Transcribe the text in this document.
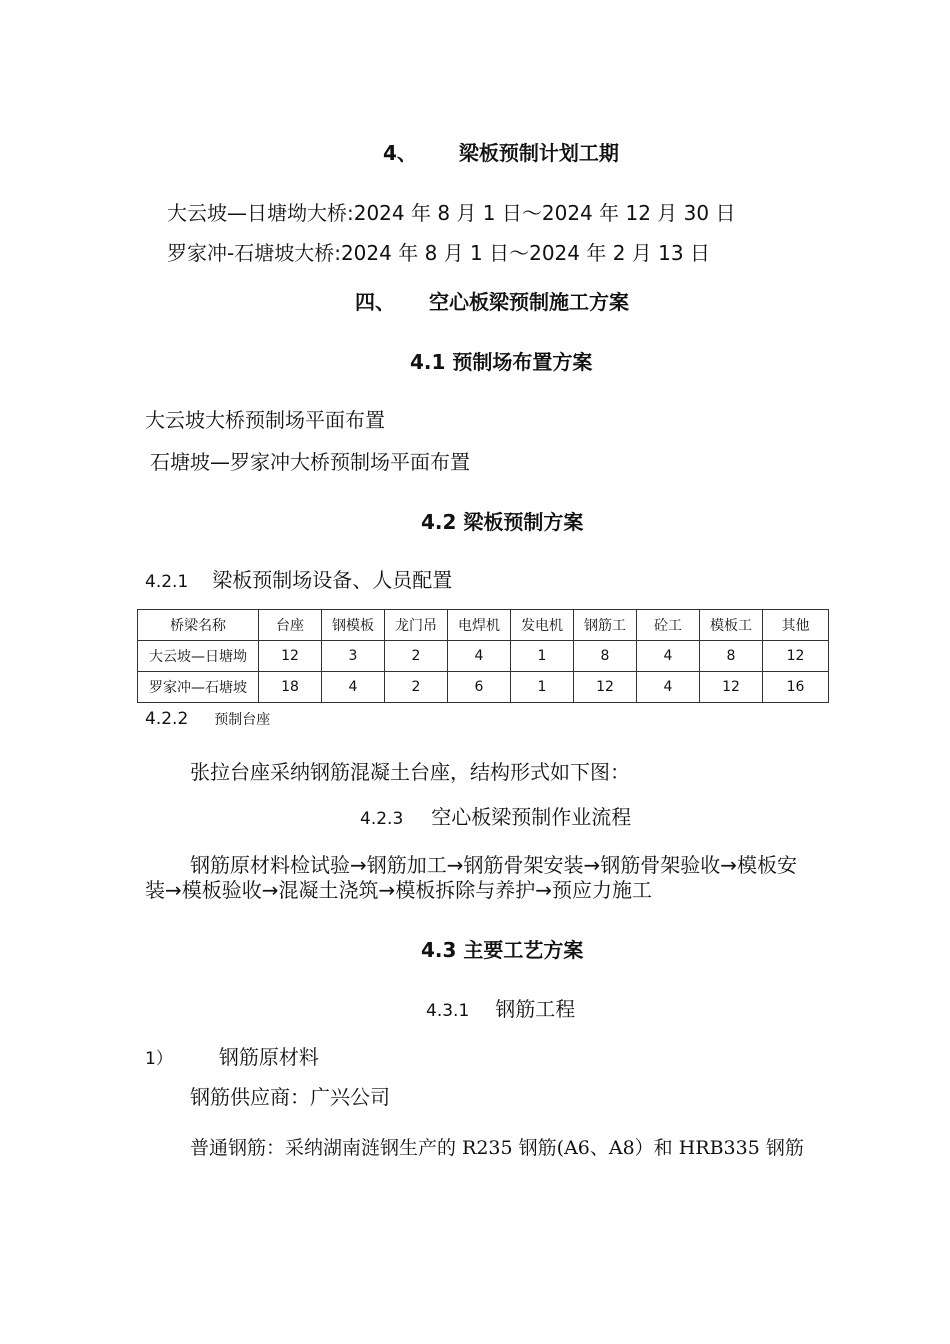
4、 梁板预制计划工期
大云坡—日塘坳大桥:2024 年 8 月 1 日～2024 年 12 月 30 日
罗家冲-石塘坡大桥:2024 年 8 月 1 日～2024 年 2 月 13 日
四、 空心板梁预制施工方案
4.1 预制场布置方案
大云坡大桥预制场平面布置
石塘坡—罗家冲大桥预制场平面布置
4.2 梁板预制方案
4.2.1 梁板预制场设备、人员配置
桥梁名称	台座	钢模板	龙门吊	电焊机	发电机	钢筋工	砼工	模板工	其他
大云坡—日塘坳	12	3	2	4	1	8	4	8	12
罗家冲—石塘坡	18	4	2	6	1	12	4	12	16
4.2.2 预制台座
张拉台座采纳钢筋混凝土台座，结构形式如下图：
4.2.3 空心板梁预制作业流程
钢筋原材料检试验→钢筋加工→钢筋骨架安装→钢筋骨架验收→模板安
装→模板验收→混凝土浇筑→模板拆除与养护→预应力施工
4.3 主要工艺方案
4.3.1 钢筋工程
1） 钢筋原材料
钢筋供应商：广兴公司
普通钢筋：采纳湖南涟钢生产的 R235 钢筋(A6、A8）和 HRB335 钢筋
